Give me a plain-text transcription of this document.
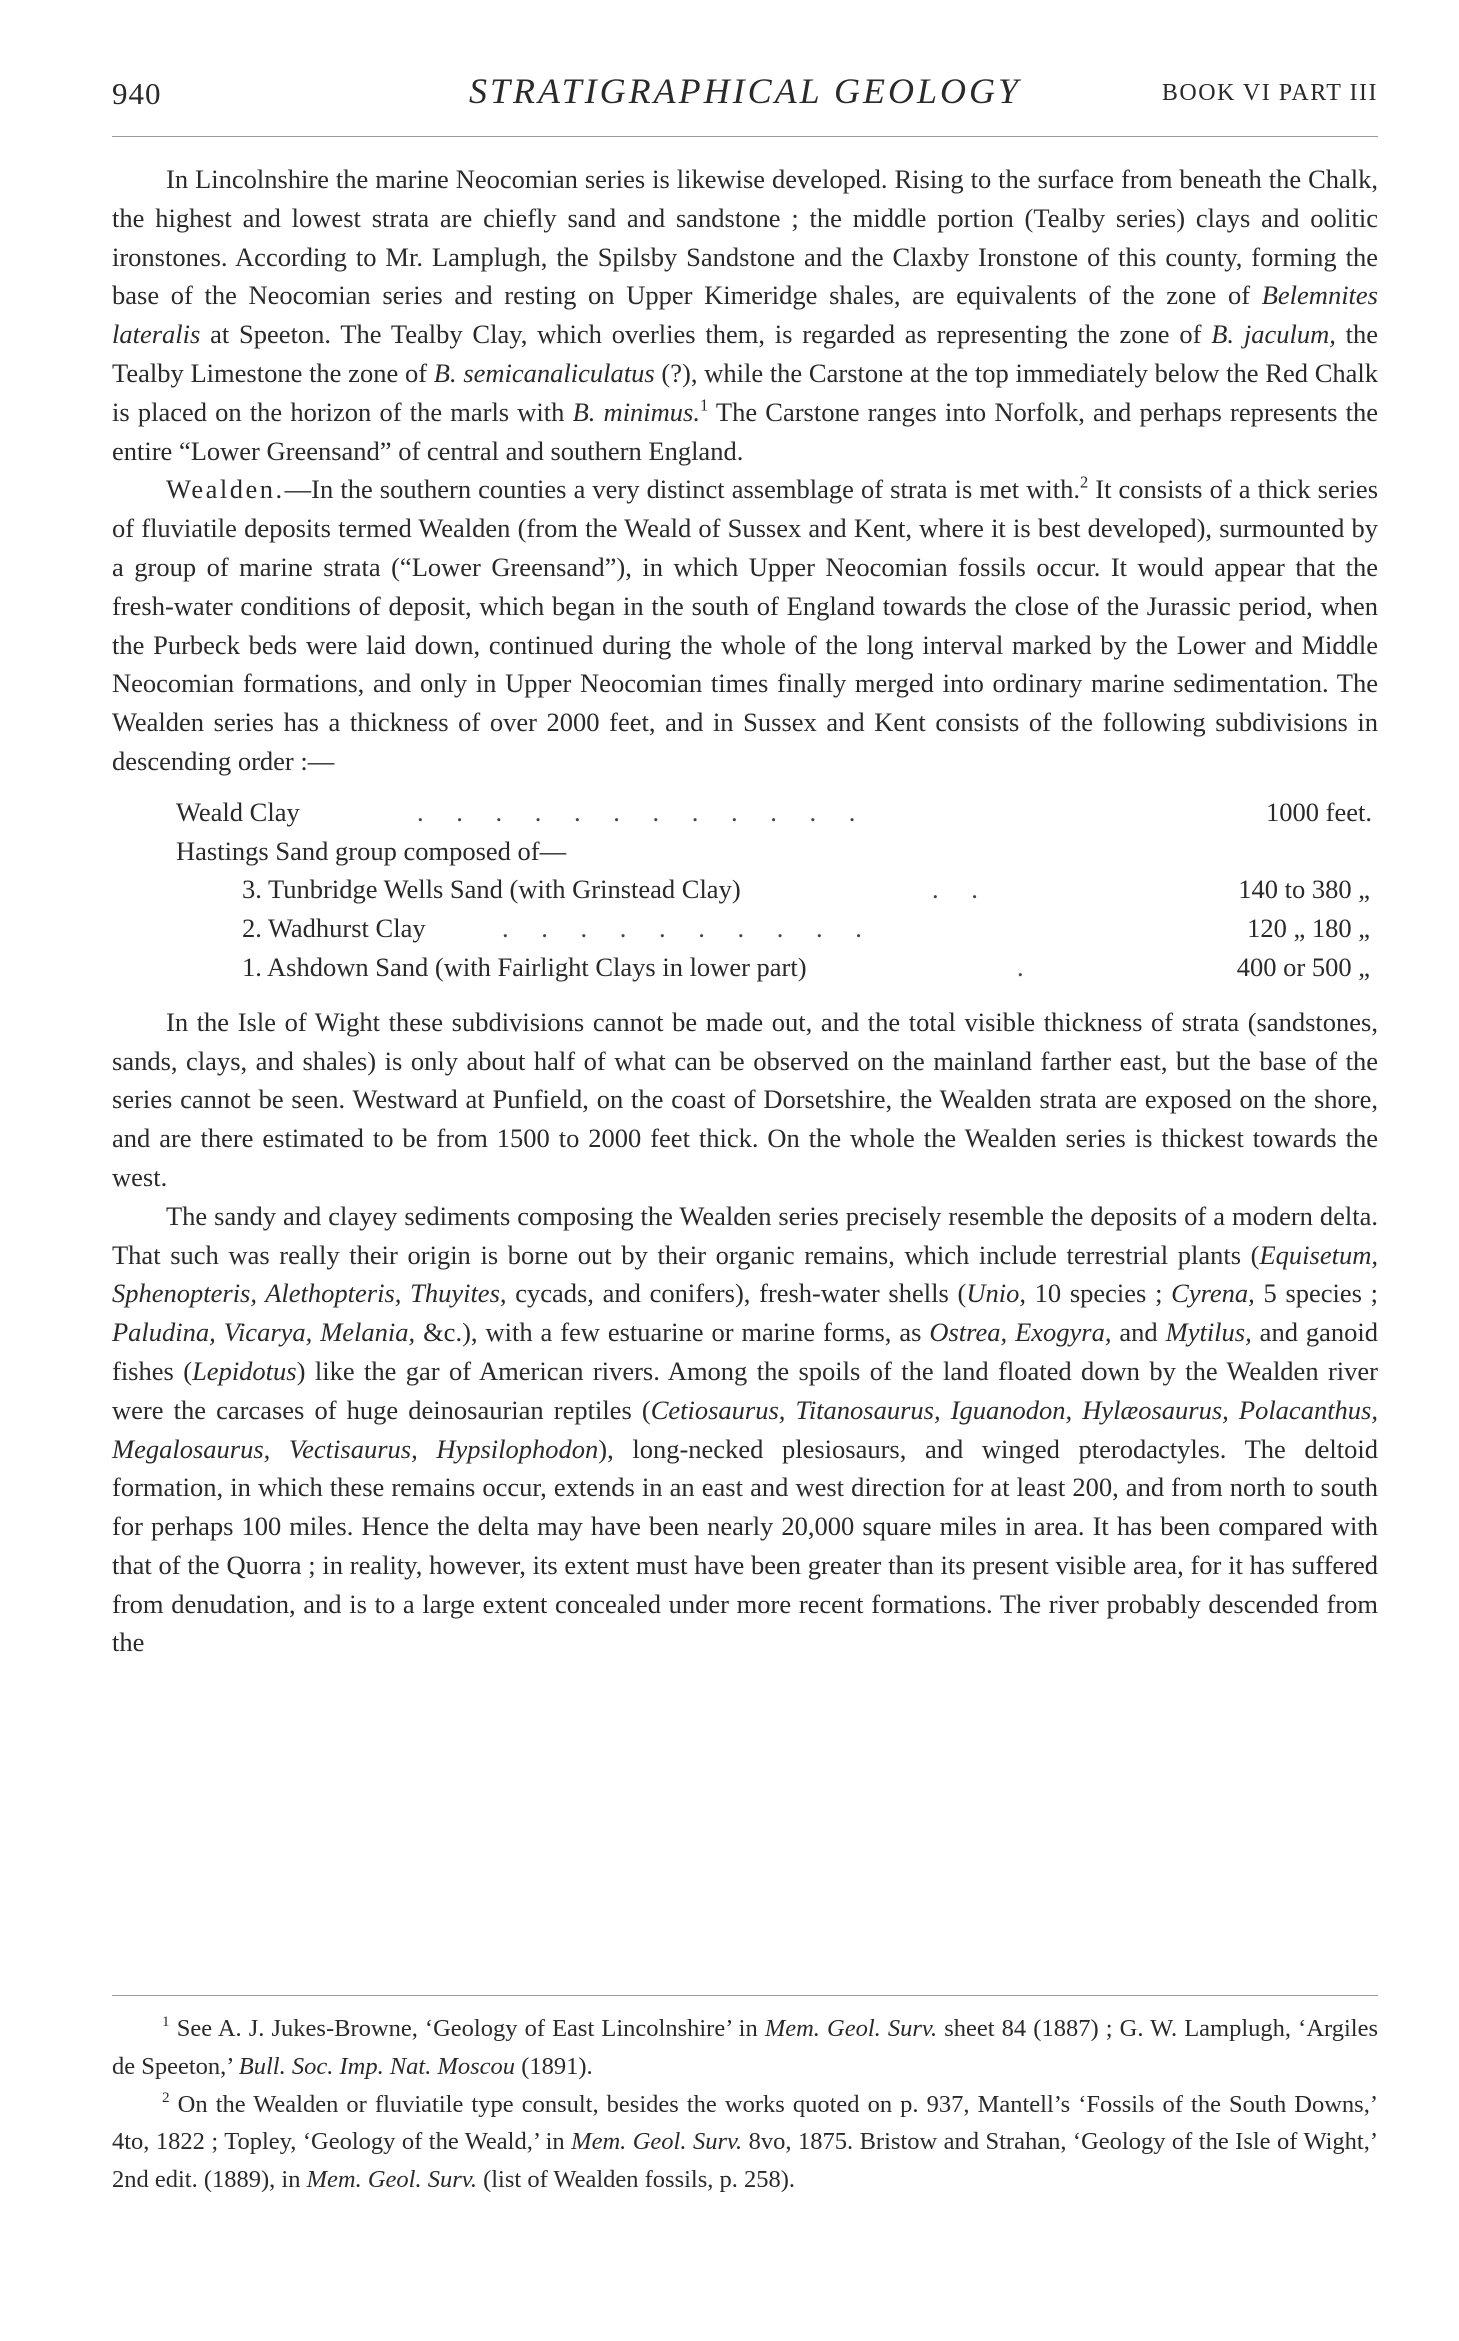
940	STRATIGRAPHICAL GEOLOGY	BOOK VI PART III

In Lincolnshire the marine Neocomian series is likewise developed. Rising to the surface from beneath the Chalk, the highest and lowest strata are chiefly sand and sandstone ; the middle portion (Tealby series) clays and oolitic ironstones. According to Mr. Lamplugh, the Spilsby Sandstone and the Claxby Ironstone of this county, forming the base of the Neocomian series and resting on Upper Kimeridge shales, are equivalents of the zone of Belemnites lateralis at Speeton. The Tealby Clay, which overlies them, is regarded as representing the zone of B. jaculum, the Tealby Limestone the zone of B. semicanaliculatus (?), while the Carstone at the top immediately below the Red Chalk is placed on the horizon of the marls with B. minimus.$^1$ The Carstone ranges into Norfolk, and perhaps represents the entire “Lower Greensand” of central and southern England.

Wealden.—In the southern counties a very distinct assemblage of strata is met with.$^2$ It consists of a thick series of fluviatile deposits termed Wealden (from the Weald of Sussex and Kent, where it is best developed), surmounted by a group of marine strata (“Lower Greensand”), in which Upper Neocomian fossils occur. It would appear that the fresh-water conditions of deposit, which began in the south of England towards the close of the Jurassic period, when the Purbeck beds were laid down, continued during the whole of the long interval marked by the Lower and Middle Neocomian formations, and only in Upper Neocomian times finally merged into ordinary marine sedimentation. The Wealden series has a thickness of over 2000 feet, and in Sussex and Kent consists of the following subdivisions in descending order :—

Weald Clay	. . . . . . . . . . . .	1000 feet.
Hastings Sand group composed of—
3. Tunbridge Wells Sand (with Grinstead Clay)	. .	140 to 380 „
2. Wadhurst Clay	. . . . . . . . . .	120 „ 180 „
1. Ashdown Sand (with Fairlight Clays in lower part)	.	400 or 500 „

In the Isle of Wight these subdivisions cannot be made out, and the total visible thickness of strata (sandstones, sands, clays, and shales) is only about half of what can be observed on the mainland farther east, but the base of the series cannot be seen. Westward at Punfield, on the coast of Dorsetshire, the Wealden strata are exposed on the shore, and are there estimated to be from 1500 to 2000 feet thick. On the whole the Wealden series is thickest towards the west.

The sandy and clayey sediments composing the Wealden series precisely resemble the deposits of a modern delta. That such was really their origin is borne out by their organic remains, which include terrestrial plants (Equisetum, Sphenopteris, Alethopteris, Thuyites, cycads, and conifers), fresh-water shells (Unio, 10 species ; Cyrena, 5 species ; Paludina, Vicarya, Melania, &c.), with a few estuarine or marine forms, as Ostrea, Exogyra, and Mytilus, and ganoid fishes (Lepidotus) like the gar of American rivers. Among the spoils of the land floated down by the Wealden river were the carcases of huge deinosaurian reptiles (Cetiosaurus, Titanosaurus, Iguanodon, Hylæosaurus, Polacanthus, Megalosaurus, Vectisaurus, Hypsilophodon), long-necked plesiosaurs, and winged pterodactyles. The deltoid formation, in which these remains occur, extends in an east and west direction for at least 200, and from north to south for perhaps 100 miles. Hence the delta may have been nearly 20,000 square miles in area. It has been compared with that of the Quorra ; in reality, however, its extent must have been greater than its present visible area, for it has suffered from denudation, and is to a large extent concealed under more recent formations. The river probably descended from the

$^1$ See A. J. Jukes-Browne, ‘Geology of East Lincolnshire’ in Mem. Geol. Surv. sheet 84 (1887) ; G. W. Lamplugh, ‘Argiles de Speeton,’ Bull. Soc. Imp. Nat. Moscou (1891).

$^2$ On the Wealden or fluviatile type consult, besides the works quoted on p. 937, Mantell’s ‘Fossils of the South Downs,’ 4to, 1822 ; Topley, ‘Geology of the Weald,’ in Mem. Geol. Surv. 8vo, 1875. Bristow and Strahan, ‘Geology of the Isle of Wight,’ 2nd edit. (1889), in Mem. Geol. Surv. (list of Wealden fossils, p. 258).
